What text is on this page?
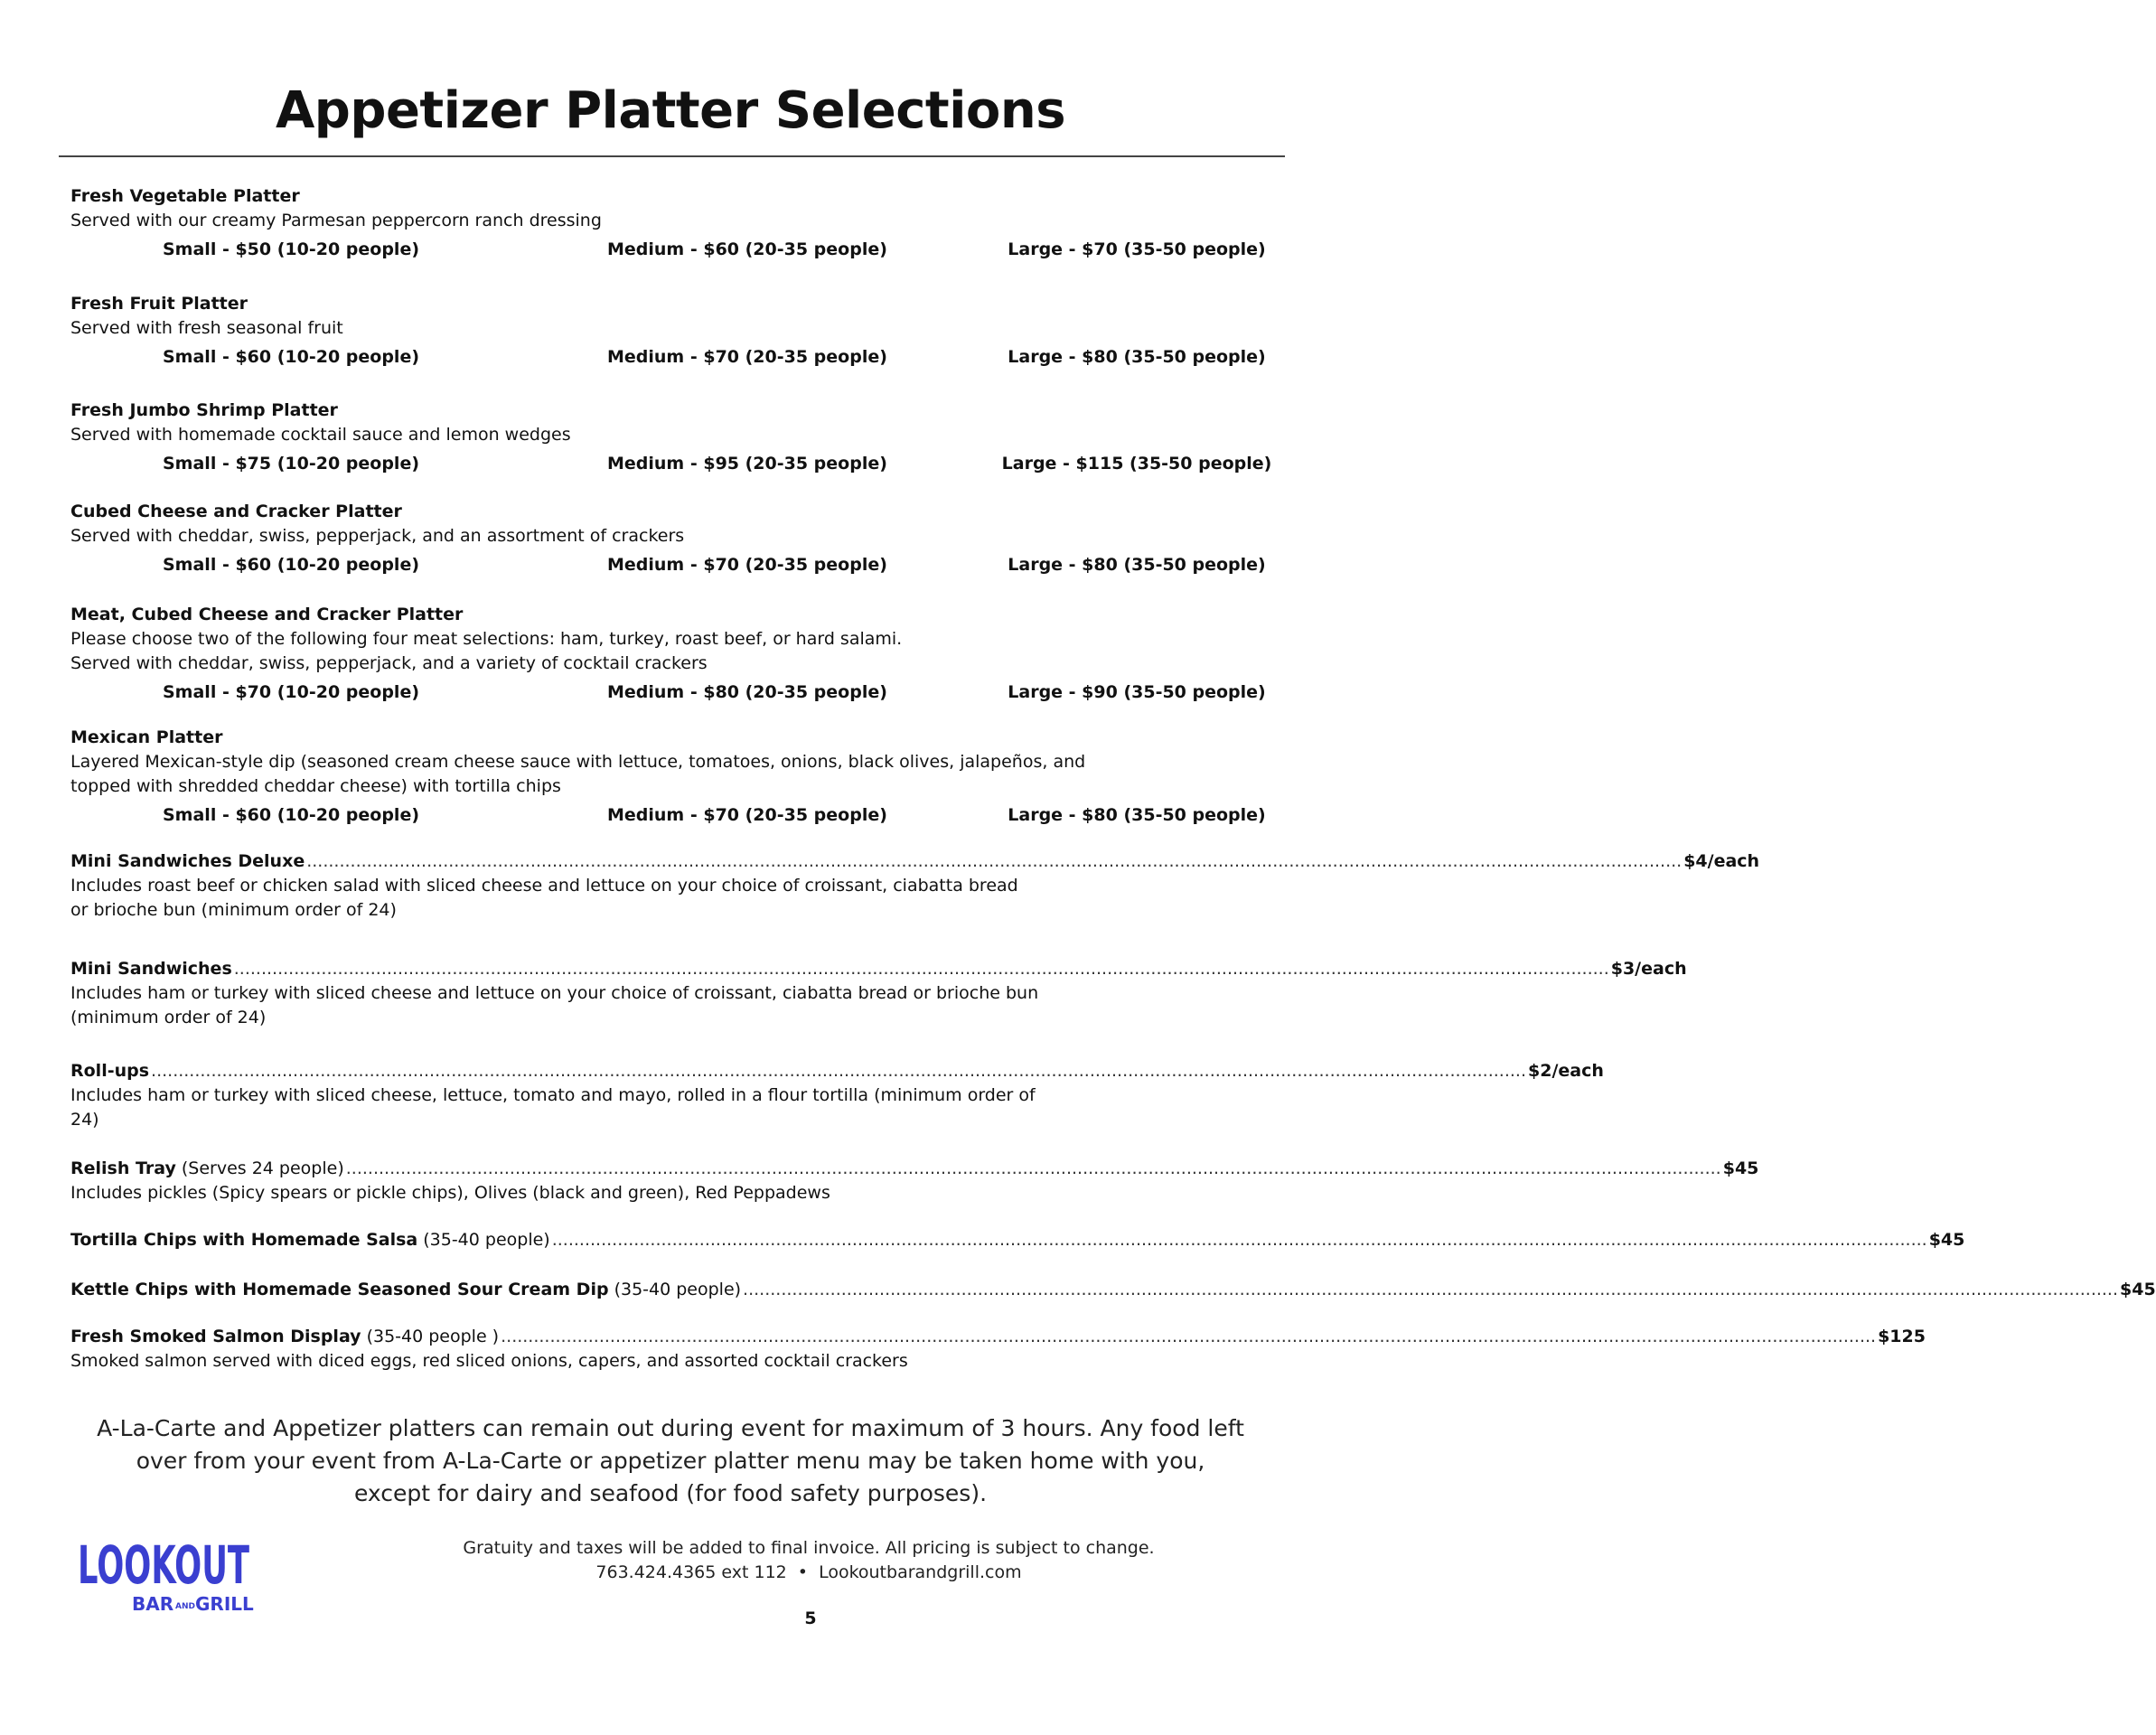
Appetizer Platter Selections
Fresh Vegetable Platter
Served with our creamy Parmesan peppercorn ranch dressing
Small - $50 (10-20 people)	Medium - $60 (20-35 people)	Large - $70 (35-50 people)
Fresh Fruit Platter
Served with fresh seasonal fruit
Small - $60 (10-20 people)	Medium - $70 (20-35 people)	Large - $80 (35-50 people)
Fresh Jumbo Shrimp Platter
Served with homemade cocktail sauce and lemon wedges
Small - $75 (10-20 people)	Medium - $95 (20-35 people)	Large - $115 (35-50 people)
Cubed Cheese and Cracker Platter
Served with cheddar, swiss, pepperjack, and an assortment of crackers
Small - $60 (10-20 people)	Medium - $70 (20-35 people)	Large - $80 (35-50 people)
Meat, Cubed Cheese and Cracker Platter
Please choose two of the following four meat selections: ham, turkey, roast beef, or hard salami.
Served with cheddar, swiss, pepperjack, and a variety of cocktail crackers
Small - $70 (10-20 people)	Medium - $80 (20-35 people)	Large - $90 (35-50 people)
Mexican Platter
Layered Mexican-style dip (seasoned cream cheese sauce with lettuce, tomatoes, onions, black olives, jalapeños, and
topped with shredded cheddar cheese) with tortilla chips
Small - $60 (10-20 people)	Medium - $70 (20-35 people)	Large - $80 (35-50 people)
Mini Sandwiches Deluxe .....	$4/each
Includes roast beef or chicken salad with sliced cheese and lettuce on your choice of croissant, ciabatta bread
or brioche bun (minimum order of 24)
Mini Sandwiches .....	$3/each
Includes ham or turkey with sliced cheese and lettuce on your choice of croissant, ciabatta bread or brioche bun
(minimum order of 24)
Roll-ups .....	$2/each
Includes ham or turkey with sliced cheese, lettuce, tomato and mayo, rolled in a flour tortilla (minimum order of
24)
Relish Tray (Serves 24 people) .....	$45
Includes pickles (Spicy spears or pickle chips), Olives (black and green), Red Peppadews
Tortilla Chips with Homemade Salsa (35-40 people) .....	$45
Kettle Chips with Homemade Seasoned Sour Cream Dip (35-40 people) .....	$45
Fresh Smoked Salmon Display (35-40 people ) .....	$125
Smoked salmon served with diced eggs, red sliced onions, capers, and assorted cocktail crackers
A-La-Carte and Appetizer platters can remain out during event for maximum of 3 hours. Any food left
over from your event from A-La-Carte or appetizer platter menu may be taken home with you,
except for dairy and seafood (for food safety purposes).
LOOKOUT
BAR AND GRILL
Gratuity and taxes will be added to final invoice. All pricing is subject to change.
763.424.4365 ext 112 • Lookoutbarandgrill.com
5
